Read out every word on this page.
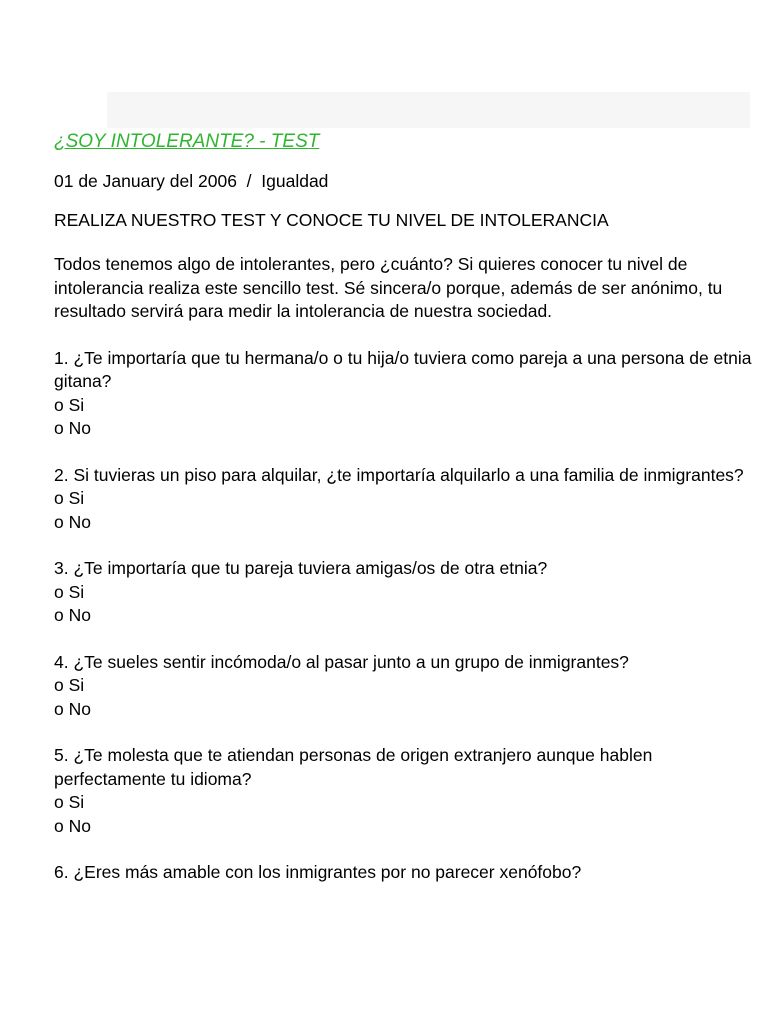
¿SOY INTOLERANTE? - TEST
01 de January del 2006 / Igualdad
REALIZA NUESTRO TEST Y CONOCE TU NIVEL DE INTOLERANCIA
Todos tenemos algo de intolerantes, pero ¿cuánto? Si quieres conocer tu nivel de intolerancia realiza este sencillo test. Sé sincera/o porque, además de ser anónimo, tu resultado servirá para medir la intolerancia de nuestra sociedad.
1. ¿Te importaría que tu hermana/o o tu hija/o tuviera como pareja a una persona de etnia gitana?
o Si
o No
2. Si tuvieras un piso para alquilar, ¿te importaría alquilarlo a una familia de inmigrantes?
o Si
o No
3. ¿Te importaría que tu pareja tuviera amigas/os de otra etnia?
o Si
o No
4. ¿Te sueles sentir incómoda/o al pasar junto a un grupo de inmigrantes?
o Si
o No
5. ¿Te molesta que te atiendan personas de origen extranjero aunque hablen perfectamente tu idioma?
o Si
o No
6. ¿Eres más amable con los inmigrantes por no parecer xenófobo?
